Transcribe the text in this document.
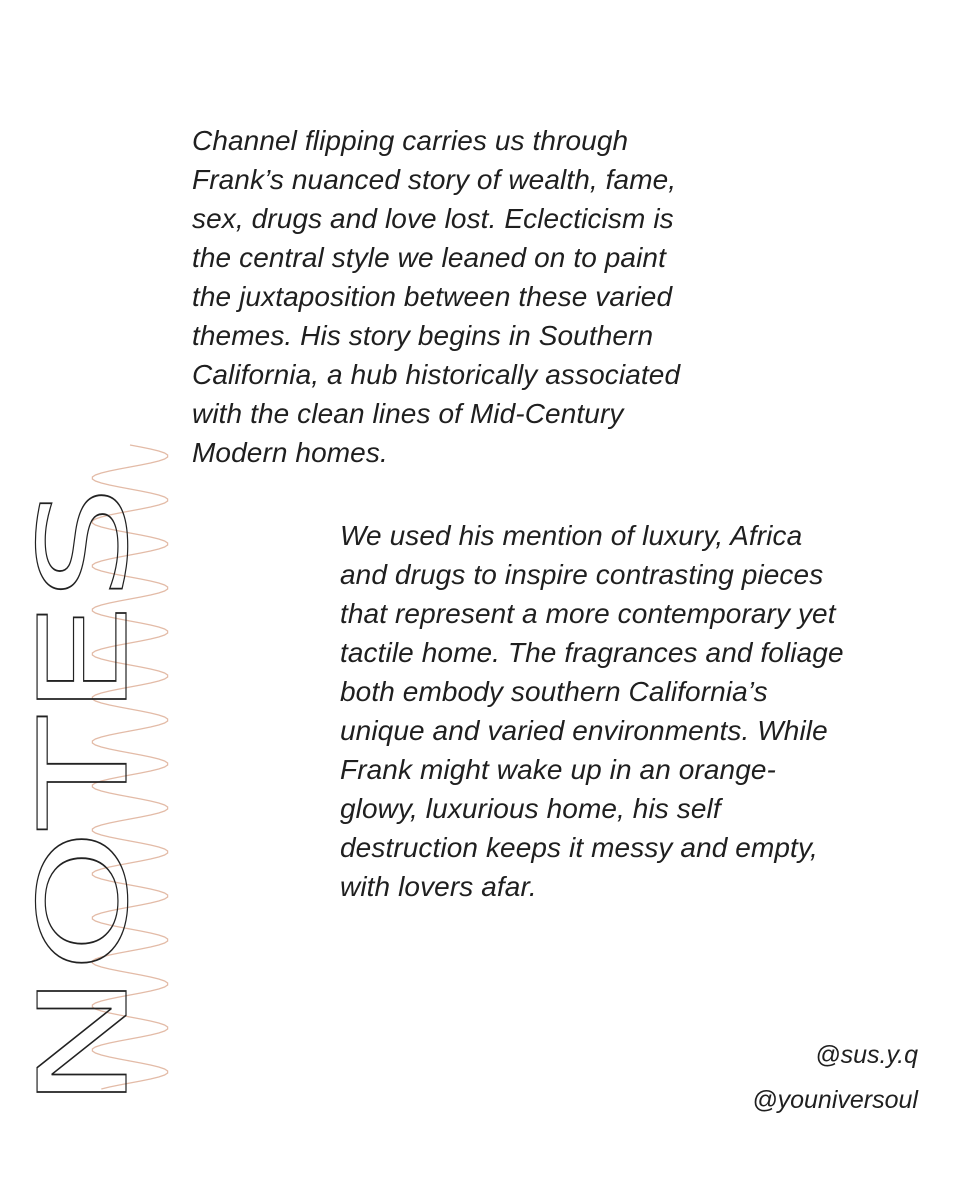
NOTES

Channel flipping carries us through
Frank’s nuanced story of wealth, fame,
sex, drugs and love lost. Eclecticism is
the central style we leaned on to paint
the juxtaposition between these varied
themes. His story begins in Southern
California, a hub historically associated
with the clean lines of Mid-Century
Modern homes.

We used his mention of luxury, Africa
and drugs to inspire contrasting pieces
that represent a more contemporary yet
tactile home. The fragrances and foliage
both embody southern California’s
unique and varied environments. While
Frank might wake up in an orange-
glowy, luxurious home, his self
destruction keeps it messy and empty,
with lovers afar.

@sus.y.q
@youniversoul
